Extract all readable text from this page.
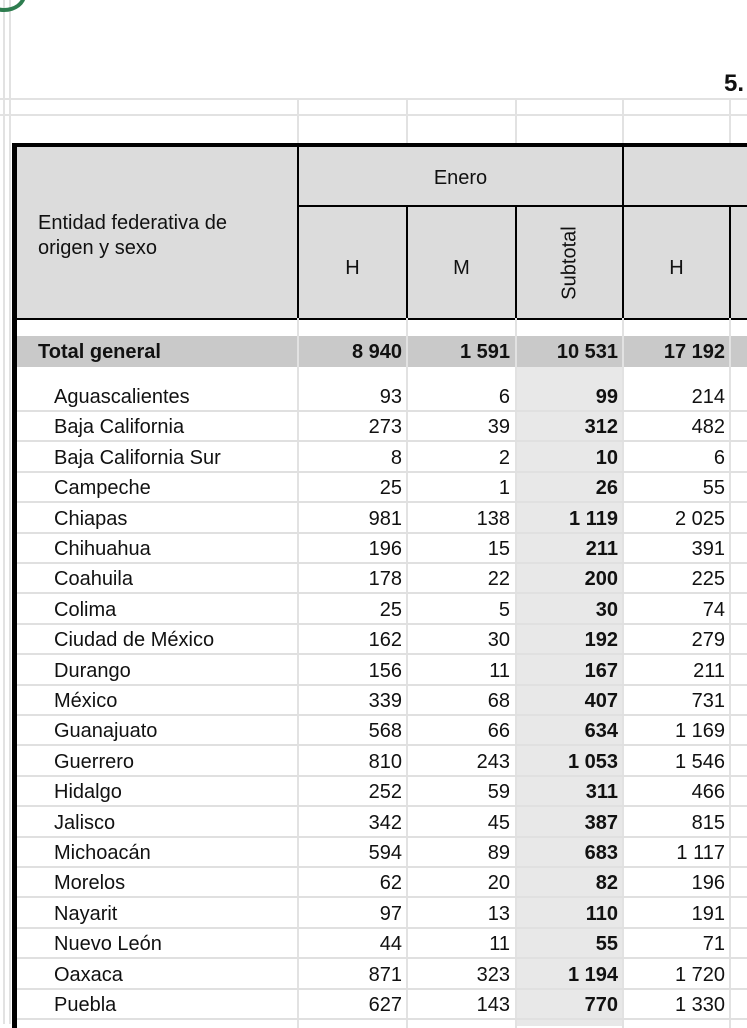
5.
Entidad federativa de origen y sexo
Enero
H	M	Subtotal	H
Total general	8 940	1 591	10 531	17 192
Aguascalientes	93	6	99	214
Baja California	273	39	312	482
Baja California Sur	8	2	10	6
Campeche	25	1	26	55
Chiapas	981	138	1 119	2 025
Chihuahua	196	15	211	391
Coahuila	178	22	200	225
Colima	25	5	30	74
Ciudad de México	162	30	192	279
Durango	156	11	167	211
México	339	68	407	731
Guanajuato	568	66	634	1 169
Guerrero	810	243	1 053	1 546
Hidalgo	252	59	311	466
Jalisco	342	45	387	815
Michoacán	594	89	683	1 117
Morelos	62	20	82	196
Nayarit	97	13	110	191
Nuevo León	44	11	55	71
Oaxaca	871	323	1 194	1 720
Puebla	627	143	770	1 330
